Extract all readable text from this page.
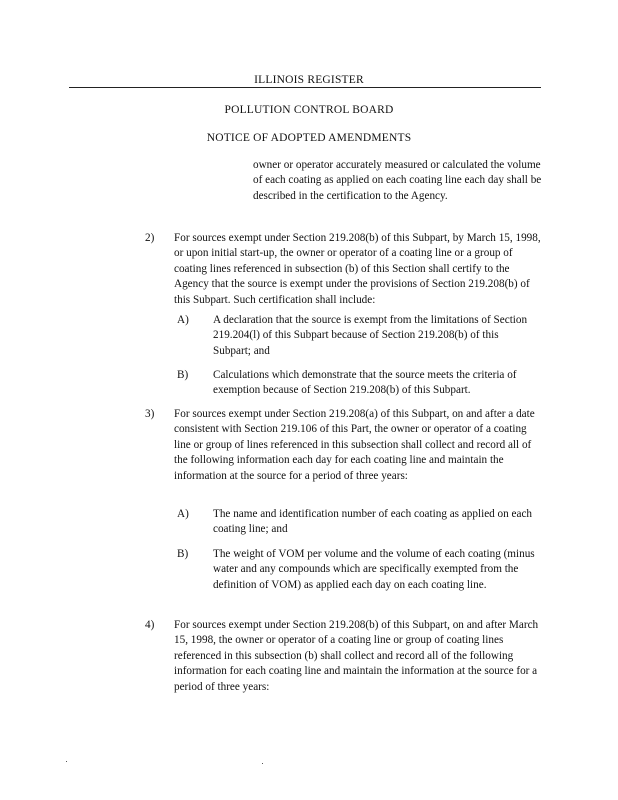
ILLINOIS REGISTER
POLLUTION CONTROL BOARD
NOTICE OF ADOPTED AMENDMENTS

owner or operator accurately measured or calculated the volume of each coating as applied on each coating line each day shall be described in the certification to the Agency.

2) For sources exempt under Section 219.208(b) of this Subpart, by March 15, 1998, or upon initial start-up, the owner or operator of a coating line or a group of coating lines referenced in subsection (b) of this Section shall certify to the Agency that the source is exempt under the provisions of Section 219.208(b) of this Subpart. Such certification shall include:

A) A declaration that the source is exempt from the limitations of Section 219.204(l) of this Subpart because of Section 219.208(b) of this Subpart; and

B) Calculations which demonstrate that the source meets the criteria of exemption because of Section 219.208(b) of this Subpart.

3) For sources exempt under Section 219.208(a) of this Subpart, on and after a date consistent with Section 219.106 of this Part, the owner or operator of a coating line or group of lines referenced in this subsection shall collect and record all of the following information each day for each coating line and maintain the information at the source for a period of three years:

A) The name and identification number of each coating as applied on each coating line; and

B) The weight of VOM per volume and the volume of each coating (minus water and any compounds which are specifically exempted from the definition of VOM) as applied each day on each coating line.

4) For sources exempt under Section 219.208(b) of this Subpart, on and after March 15, 1998, the owner or operator of a coating line or group of coating lines referenced in this subsection (b) shall collect and record all of the following information for each coating line and maintain the information at the source for a period of three years:
